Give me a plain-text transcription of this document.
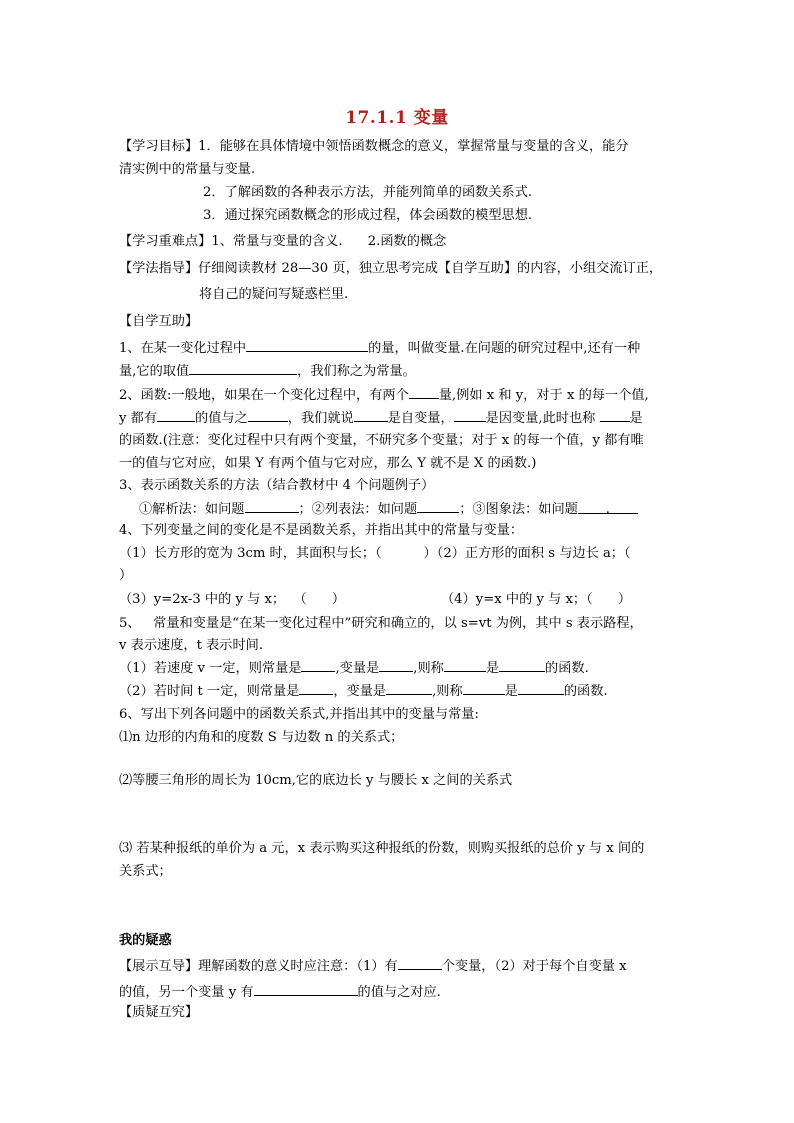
17.1.1 变量
【学习目标】1．能够在具体情境中领悟函数概念的意义，掌握常量与变量的含义，能分
清实例中的常量与变量.
2．了解函数的各种表示方法，并能列简单的函数关系式.
3．通过探究函数概念的形成过程，体会函数的模型思想.
【学习重难点】1、常量与变量的含义.      2.函数的概念
【学法指导】仔细阅读教材 28—30 页，独立思考完成【自学互助】的内容，小组交流订正，
将自己的疑问写疑惑栏里.
【自学互助】
1、在某一变化过程中	的量，叫做变量.在问题的研究过程中,还有一种
量,它的取值	，我们称之为常量。
2、函数:一般地，如果在一个变化过程中，有两个 量,例如 x 和 y，对于 x 的每一个值,
y 都有	的值与之	，我们就说	是自变量， 是因变量,此时也称 是
的函数.(注意：变化过程中只有两个变量，不研究多个变量；对于 x 的每一个值，y 都有唯
一的值与它对应，如果 Y 有两个值与它对应，那么 Y 就不是 X 的函数.)
3、表示函数关系的方法（结合教材中 4 个问题例子）
①解析法：如问题	；②列表法：如问题	；③图象法：如问题 .
4、下列变量之间的变化是不是函数关系，并指出其中的常量与变量：
（1）长方形的宽为 3cm 时，其面积与长；（          ）（2）正方形的面积 s 与边长 a；（
）
（3）y=2x-3 中的 y 与 x；  （      ）	（4）y=x 中的 y 与 x；（      ）
5、   常量和变量是“在某一变化过程中”研究和确立的，以 s=vt 为例，其中 s 表示路程，
v 表示速度，t 表示时间.
（1）若速度 v 一定，则常量是	,变量是	,则称	是	的函数.
（2）若时间 t 一定，则常量是	，变量是	,则称	是	的函数.
6、写出下列各问题中的函数关系式,并指出其中的变量与常量:
⑴n 边形的内角和的度数 S 与边数 n 的关系式；
⑵等腰三角形的周长为 10cm,它的底边长 y 与腰长 x 之间的关系式
⑶ 若某种报纸的单价为 a 元，x 表示购买这种报纸的份数，则购买报纸的总价 y 与 x 间的
关系式；
我的疑惑
【展示互导】理解函数的意义时应注意：（1）有	个变量，（2）对于每个自变量 x
的值，另一个变量 y 有	的值与之对应.
【质疑互究】
